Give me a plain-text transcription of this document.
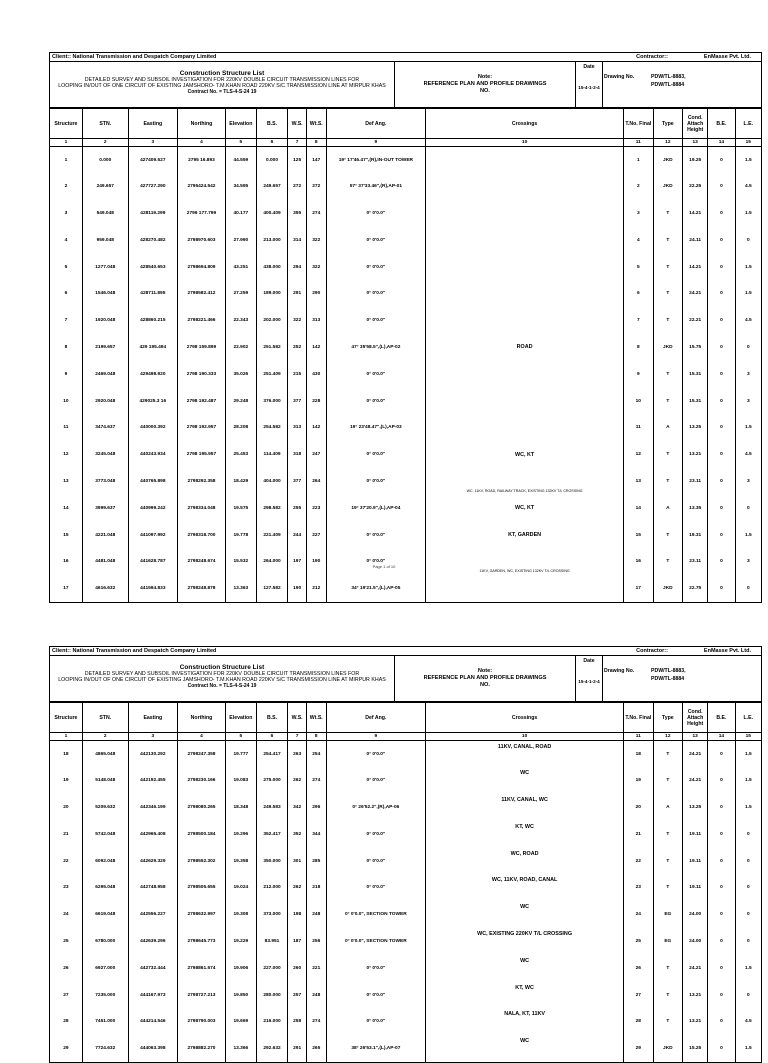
Client:: National Transmission and Despatch Company Limited	Contractor::	EnMasse Pvt. Ltd.
Construction Structure List
DETAILED SURVEY AND SUBSOIL INVESTIGATION FOR 220KV DOUBLE CIRCUIT TRANSMISSION LINES FOR
LOOPING IN/OUT OF ONE CIRCUIT OF EXISTING JAMSHORO- T.M.KHAN ROAD 220KV S/C TRANSMISSION LINE AT MIRPUR KHAS
Contract No. = TLS-4-S-24 19
Note:
REFERENCE PLAN AND PROFILE DRAWINGS
NO.
Date
15-4-1-2-4
Drawing No.	PDW/TL-8883,
PDW/TL-8884
Structure	STN.	Easting	Northing	Elevation	B.S.	W.S.	Wt.S.	Def Ang.	Crossings	T.No. Final	Type	Cond. Attach Height	B.E.	L.E.
1	2	3	4	5	6	7	8	9	10	11	12	13	14	15
1	0.000	427409.527	2795 16.893	44.559	0.000	125	147	19° 17'46.47",(R),IN-OUT TOWER		1	JKD	19.25	0	1.5
2	249.657	427727.290	2795424.542	34.595	249.657	272	272	57° 37'33.46",(R),AP-01		2	JKD	22.25	0	4.5
3	549.048	428119.299	2799 177.799	40.177	400.409	355	274	0° 0'0.0"		3	T	14.21	0	1.5
4	959.048	428270.482	2798970.603	27.990	213.000	314	322	0° 0'0.0"		4	T	24.11	0	0
5	1277.048	428540.653	2798694.809	43.251	438.000	294	322	0° 0'0.0"		5	T	14.21	0	1.5
6	1546.048	428711.895	2798582.412	27.259	189.000	291	290	0° 0'0.0"		6	T	24.21	0	1.5
7	1920.048	428860.215	2798221.466	22.343	202.000	322	313	0° 0'0.0"		7	T	22.21	0	4.5
8	2199.657	429 195.494	2798 159.899	22.902	251.582	252	142	47° 35'58.5",(L),AP-02	ROAD	8	JKD	15.75	0	0
9	2469.048	429498.920	2798 190.333	35.026	251.409	215	430	0° 0'0.0"		9	T	15.31	0	3
10	2920.048	429025.3 16	2798 192.487	29.248	376.000	377	228	0° 0'0.0"		10	T	15.31	0	3
11	3474.637	440000.392	2798 192.957	28.208	254.582	313	142	19° 23'48.47",(L),AP-03		11	A	13.25	0	1.5
12	3245.048	440243.934	2798 195.957	25.453	114.409	318	247	0° 0'0.0"	WC, KT	12	T	13.21	0	4.5
13	3773.048	440765.898	2798292.358	18.429	404.000	377	264	0° 0'0.0"	WC, 11KV, ROAD, RAILWAY TRACK, EXISTING 132KV T/L CROSSING	13	T	23.11	0	3
14	3999.637	440999.242	2798334.048	19.575	298.582	255	223	19° 37'20.9",(L),AP-04	WC, KT	14	A	13.35	0	0
15	4221.048	441097.992	2798318.700	19.778	221.409	244	227	0° 0'0.0"	KT, GARDEN	15	T	19.31	0	1.5
16	4481.048	441628.787	2798248.674	15.532	264.000	197	190	0° 0'0.0"	11KV, GARDEN, WC, EXISTING 132KV T/L CROSSING	16	T	23.11	0	3
17	4616.632	441594.833	2798248.878	13.363	127.582	190	212	34° 19'21.5",(L),AP-05		17	JKD	22.75	0	0
Page 1 of 10
Client:: National Transmission and Despatch Company Limited	Contractor::	EnMasse Pvt. Ltd.
Construction Structure List
DETAILED SURVEY AND SUBSOIL INVESTIGATION FOR 220KV DOUBLE CIRCUIT TRANSMISSION LINES FOR
LOOPING IN/OUT OF ONE CIRCUIT OF EXISTING JAMSHORO- T.M.KHAN ROAD 220KV S/C TRANSMISSION LINE AT MIRPUR KHAS
Contract No. = TLS-4-S-24 19
Note:
REFERENCE PLAN AND PROFILE DRAWINGS
NO.
Date
15-4-1-2-4
Drawing No.	PDW/TL-8883,
PDW/TL-8884
Structure	STN.	Easting	Northing	Elevation	B.S.	W.S.	Wt.S.	Def Ang.	Crossings	T.No. Final	Type	Cond. Attach Height	B.E.	L.E.
1	2	3	4	5	6	7	8	9	10	11	12	13	14	15
18	4865.048	442130.292	2798247.358	19.777	254.417	263	254	0° 0'0.0"	11KV, CANAL, ROAD	18	T	24.21	0	1.5
19	5148.048	442192.455	2798230.166	19.083	275.000	262	274	0° 0'0.0"	WC	19	T	24.21	0	1.5
20	5209.632	442346.199	2798080.265	18.348	249.583	342	296	0° 26'52.2",(R),AP-06	11KV, CANAL, WC	20	A	13.25	0	1.5
21	5742.048	442965.408	2798500.184	19.296	352.417	352	344	0° 0'0.0"	KT, WC	21	T	19.11	0	0
22	6092.048	442629.329	2798552.302	19.358	350.000	301	285	0° 0'0.0"	WC, ROAD	22	T	19.11	0	0
23	6295.048	442748.958	2798505.655	19.024	212.000	262	218	0° 0'0.0"	WC, 11KV, ROAD, CANAL	23	T	19.11	0	0
24	6619.048	442556.227	2798632.997	19.308	373.000	198	248	0° 0'0.0", SECTION TOWER	WC	24	EG	24.00	0	0
25	6780.000	442639.296	2798645.773	19.229	83.951	187	256	0° 0'0.0", SECTION TOWER	WC, EXISTING 220KV T/L CROSSING	25	EG	24.00	0	0
26	6927.000	442732.444	2798861.574	19.906	227.000	260	221	0° 0'0.0"	WC	26	T	24.21	0	1.5
27	7235.000	444167.973	2798727.213	19.850	280.000	257	248	0° 0'0.0"	KT, WC	27	T	13.21	0	0
28	7451.000	444214.546	2798790.003	19.669	216.000	258	274	0° 0'0.0"	NALA, KT, 11KV	28	T	13.21	0	4.5
29	7724.632	444063.398	2798882.270	13.366	292.632	291	265	38° 26'53.1",(L),AP-07	WC	29	JKD	15.25	0	1.5
